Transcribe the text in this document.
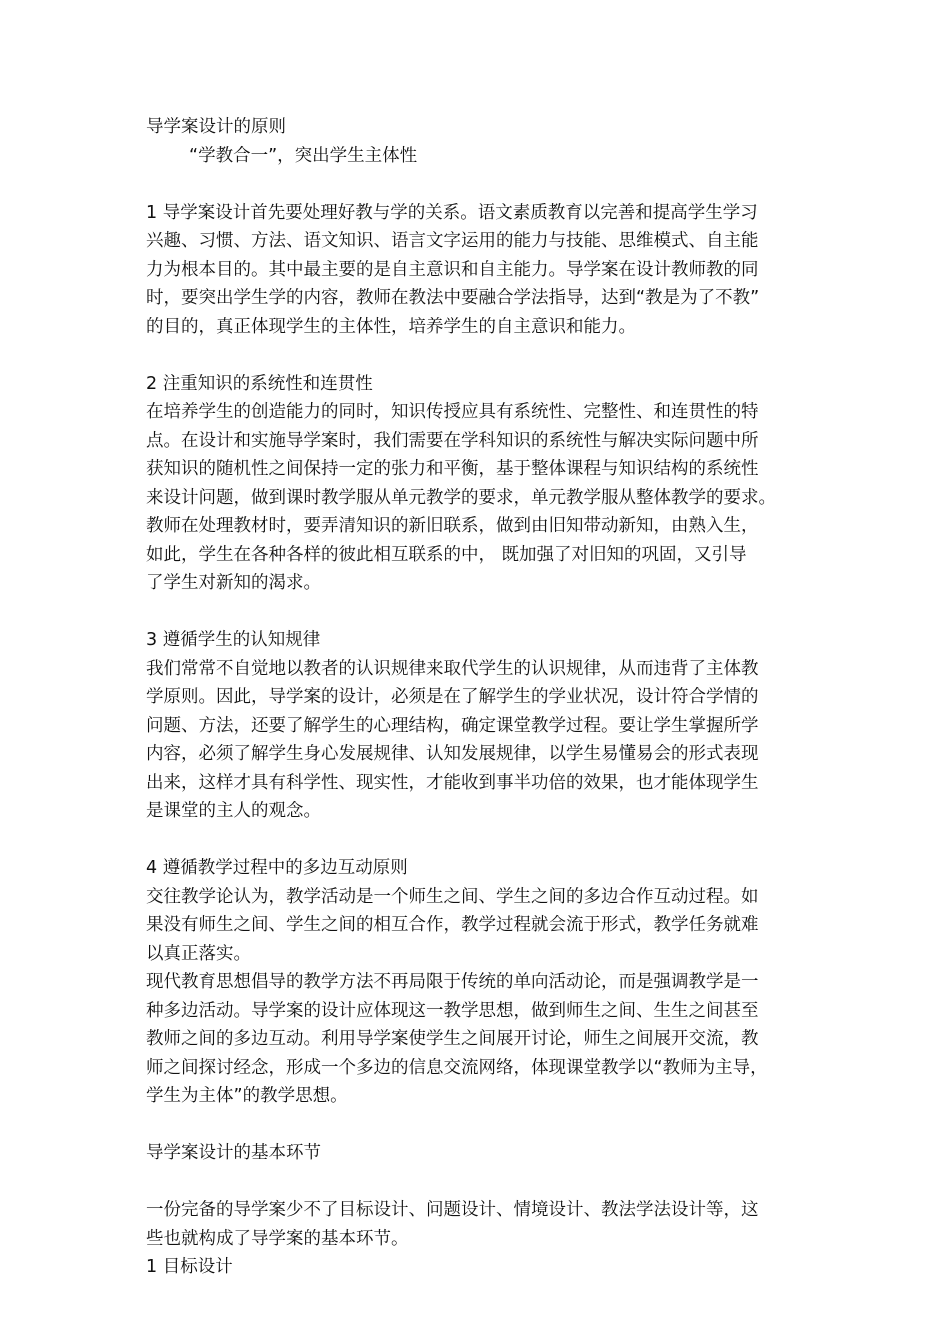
导学案设计的原则
“学教合一”，突出学生主体性
1 导学案设计首先要处理好教与学的关系。语文素质教育以完善和提高学生学习
兴趣、习惯、方法、语文知识、语言文字运用的能力与技能、思维模式、自主能
力为根本目的。其中最主要的是自主意识和自主能力。导学案在设计教师教的同
时，要突出学生学的内容，教师在教法中要融合学法指导，达到“教是为了不教”
的目的，真正体现学生的主体性，培养学生的自主意识和能力。
2 注重知识的系统性和连贯性
在培养学生的创造能力的同时，知识传授应具有系统性、完整性、和连贯性的特
点。在设计和实施导学案时，我们需要在学科知识的系统性与解决实际问题中所
获知识的随机性之间保持一定的张力和平衡，基于整体课程与知识结构的系统性
来设计问题，做到课时教学服从单元教学的要求，单元教学服从整体教学的要求。
教师在处理教材时，要弄清知识的新旧联系，做到由旧知带动新知，由熟入生，
如此，学生在各种各样的彼此相互联系的中， 既加强了对旧知的巩固，又引导
了学生对新知的渴求。
3 遵循学生的认知规律
我们常常不自觉地以教者的认识规律来取代学生的认识规律，从而违背了主体教
学原则。因此，导学案的设计，必须是在了解学生的学业状况，设计符合学情的
问题、方法，还要了解学生的心理结构，确定课堂教学过程。要让学生掌握所学
内容，必须了解学生身心发展规律、认知发展规律，以学生易懂易会的形式表现
出来，这样才具有科学性、现实性，才能收到事半功倍的效果，也才能体现学生
是课堂的主人的观念。
4 遵循教学过程中的多边互动原则
交往教学论认为，教学活动是一个师生之间、学生之间的多边合作互动过程。如
果没有师生之间、学生之间的相互合作，教学过程就会流于形式，教学任务就难
以真正落实。
现代教育思想倡导的教学方法不再局限于传统的单向活动论，而是强调教学是一
种多边活动。导学案的设计应体现这一教学思想，做到师生之间、生生之间甚至
教师之间的多边互动。利用导学案使学生之间展开讨论，师生之间展开交流，教
师之间探讨经念，形成一个多边的信息交流网络，体现课堂教学以“教师为主导，
学生为主体”的教学思想。
导学案设计的基本环节
一份完备的导学案少不了目标设计、问题设计、情境设计、教法学法设计等，这
些也就构成了导学案的基本环节。
1 目标设计
